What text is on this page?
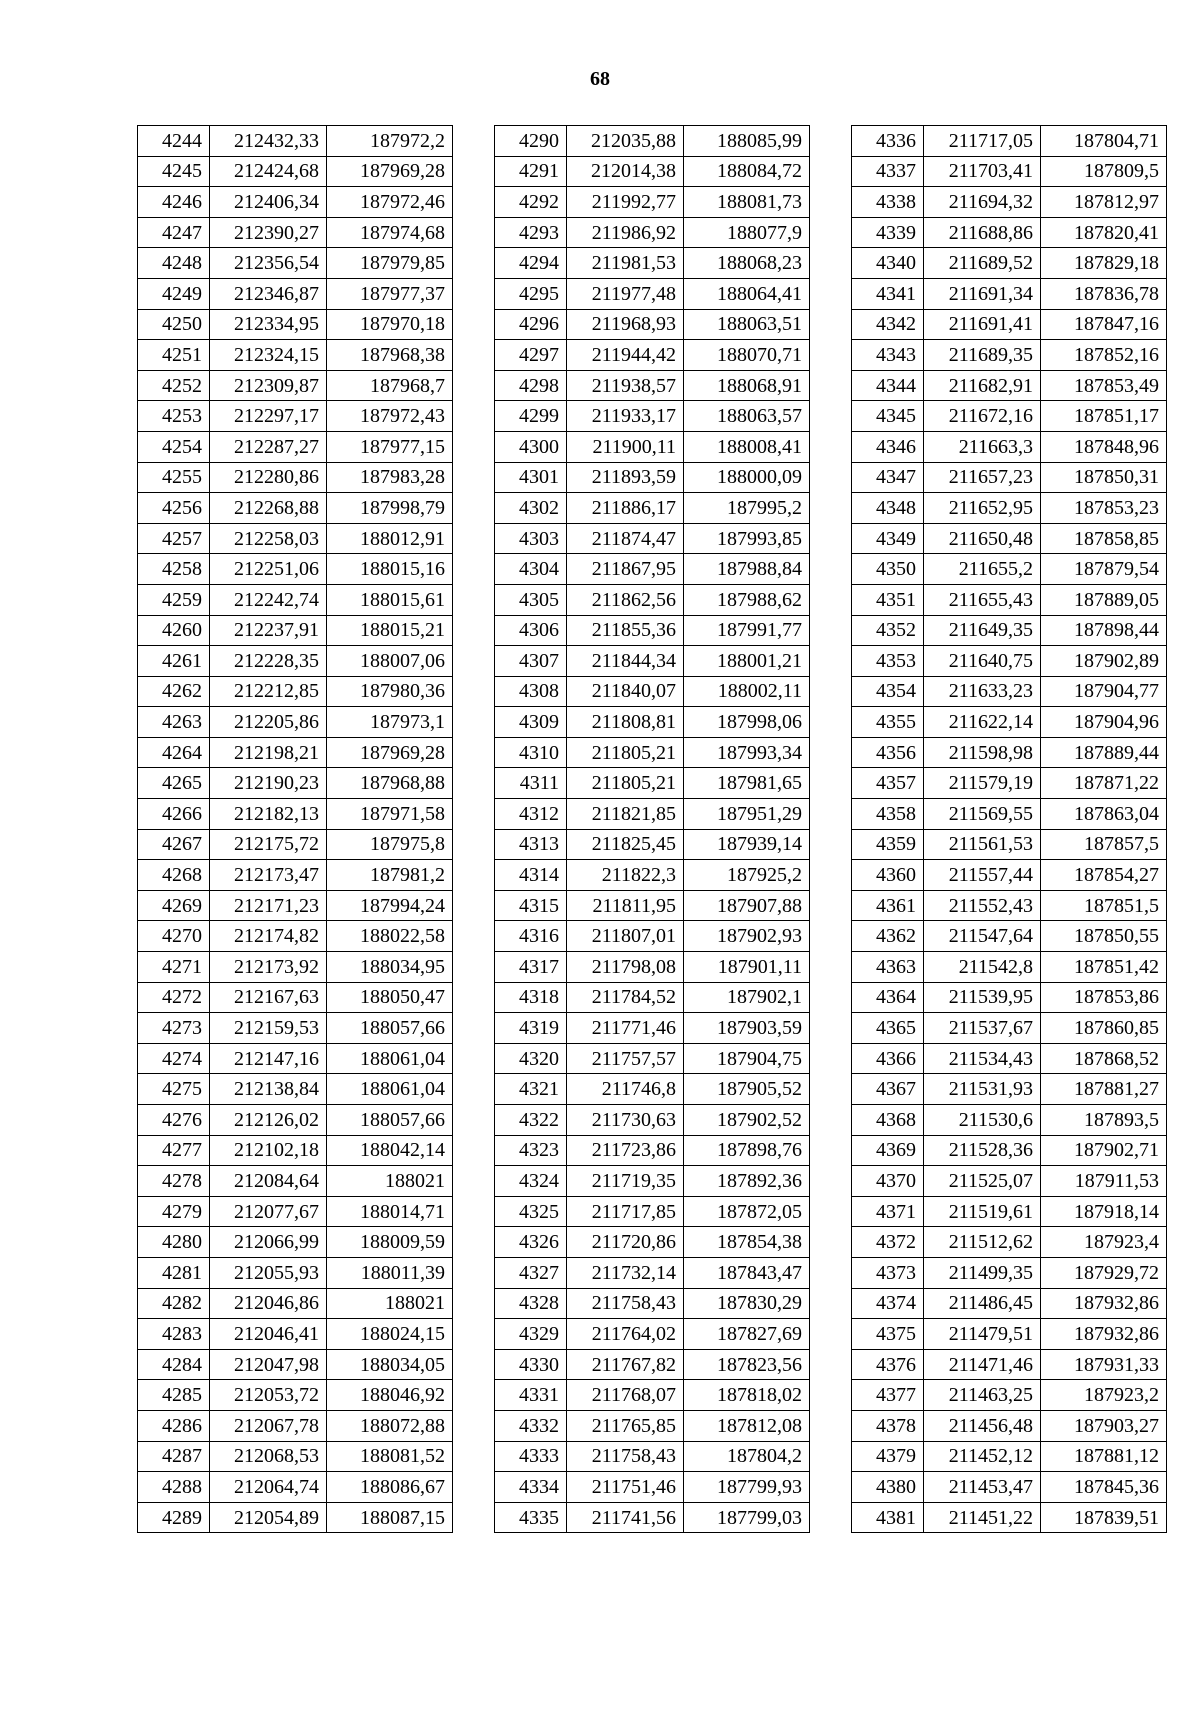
68
4244	212432,33	187972,2
4245	212424,68	187969,28
4246	212406,34	187972,46
4247	212390,27	187974,68
4248	212356,54	187979,85
4249	212346,87	187977,37
4250	212334,95	187970,18
4251	212324,15	187968,38
4252	212309,87	187968,7
4253	212297,17	187972,43
4254	212287,27	187977,15
4255	212280,86	187983,28
4256	212268,88	187998,79
4257	212258,03	188012,91
4258	212251,06	188015,16
4259	212242,74	188015,61
4260	212237,91	188015,21
4261	212228,35	188007,06
4262	212212,85	187980,36
4263	212205,86	187973,1
4264	212198,21	187969,28
4265	212190,23	187968,88
4266	212182,13	187971,58
4267	212175,72	187975,8
4268	212173,47	187981,2
4269	212171,23	187994,24
4270	212174,82	188022,58
4271	212173,92	188034,95
4272	212167,63	188050,47
4273	212159,53	188057,66
4274	212147,16	188061,04
4275	212138,84	188061,04
4276	212126,02	188057,66
4277	212102,18	188042,14
4278	212084,64	188021
4279	212077,67	188014,71
4280	212066,99	188009,59
4281	212055,93	188011,39
4282	212046,86	188021
4283	212046,41	188024,15
4284	212047,98	188034,05
4285	212053,72	188046,92
4286	212067,78	188072,88
4287	212068,53	188081,52
4288	212064,74	188086,67
4289	212054,89	188087,15
4290	212035,88	188085,99
4291	212014,38	188084,72
4292	211992,77	188081,73
4293	211986,92	188077,9
4294	211981,53	188068,23
4295	211977,48	188064,41
4296	211968,93	188063,51
4297	211944,42	188070,71
4298	211938,57	188068,91
4299	211933,17	188063,57
4300	211900,11	188008,41
4301	211893,59	188000,09
4302	211886,17	187995,2
4303	211874,47	187993,85
4304	211867,95	187988,84
4305	211862,56	187988,62
4306	211855,36	187991,77
4307	211844,34	188001,21
4308	211840,07	188002,11
4309	211808,81	187998,06
4310	211805,21	187993,34
4311	211805,21	187981,65
4312	211821,85	187951,29
4313	211825,45	187939,14
4314	211822,3	187925,2
4315	211811,95	187907,88
4316	211807,01	187902,93
4317	211798,08	187901,11
4318	211784,52	187902,1
4319	211771,46	187903,59
4320	211757,57	187904,75
4321	211746,8	187905,52
4322	211730,63	187902,52
4323	211723,86	187898,76
4324	211719,35	187892,36
4325	211717,85	187872,05
4326	211720,86	187854,38
4327	211732,14	187843,47
4328	211758,43	187830,29
4329	211764,02	187827,69
4330	211767,82	187823,56
4331	211768,07	187818,02
4332	211765,85	187812,08
4333	211758,43	187804,2
4334	211751,46	187799,93
4335	211741,56	187799,03
4336	211717,05	187804,71
4337	211703,41	187809,5
4338	211694,32	187812,97
4339	211688,86	187820,41
4340	211689,52	187829,18
4341	211691,34	187836,78
4342	211691,41	187847,16
4343	211689,35	187852,16
4344	211682,91	187853,49
4345	211672,16	187851,17
4346	211663,3	187848,96
4347	211657,23	187850,31
4348	211652,95	187853,23
4349	211650,48	187858,85
4350	211655,2	187879,54
4351	211655,43	187889,05
4352	211649,35	187898,44
4353	211640,75	187902,89
4354	211633,23	187904,77
4355	211622,14	187904,96
4356	211598,98	187889,44
4357	211579,19	187871,22
4358	211569,55	187863,04
4359	211561,53	187857,5
4360	211557,44	187854,27
4361	211552,43	187851,5
4362	211547,64	187850,55
4363	211542,8	187851,42
4364	211539,95	187853,86
4365	211537,67	187860,85
4366	211534,43	187868,52
4367	211531,93	187881,27
4368	211530,6	187893,5
4369	211528,36	187902,71
4370	211525,07	187911,53
4371	211519,61	187918,14
4372	211512,62	187923,4
4373	211499,35	187929,72
4374	211486,45	187932,86
4375	211479,51	187932,86
4376	211471,46	187931,33
4377	211463,25	187923,2
4378	211456,48	187903,27
4379	211452,12	187881,12
4380	211453,47	187845,36
4381	211451,22	187839,51
